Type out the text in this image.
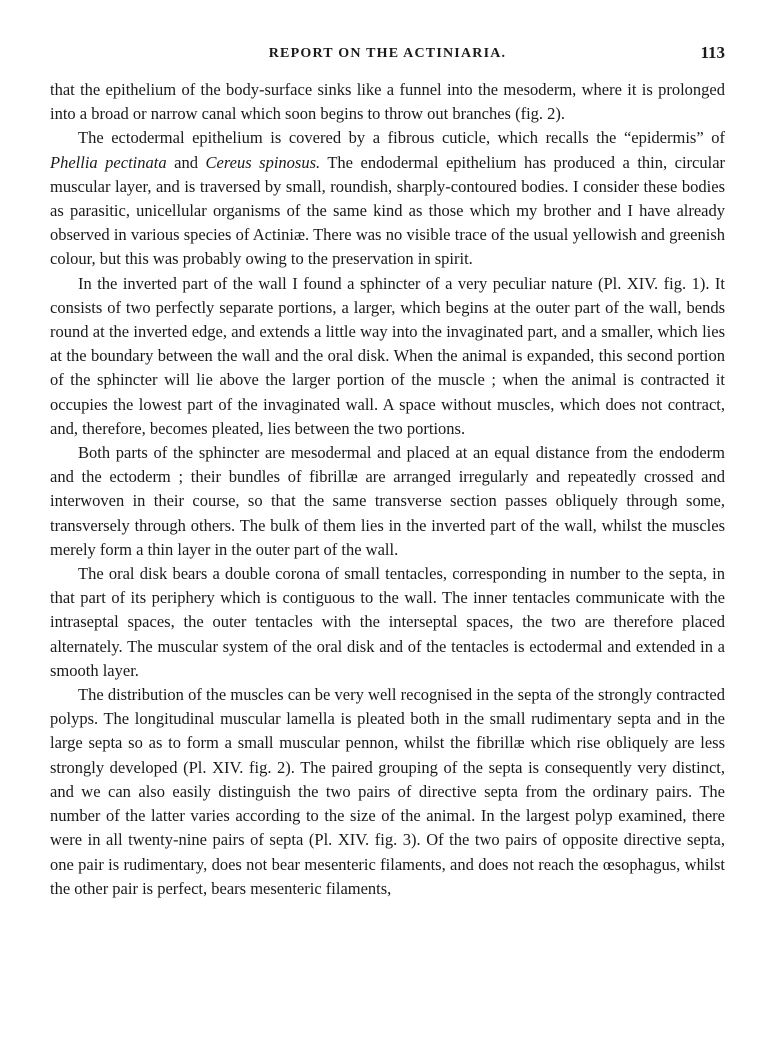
REPORT ON THE ACTINIARIA.	113

that the epithelium of the body-surface sinks like a funnel into the mesoderm, where it is prolonged into a broad or narrow canal which soon begins to throw out branches (fig. 2).

The ectodermal epithelium is covered by a fibrous cuticle, which recalls the “epidermis” of Phellia pectinata and Cereus spinosus. The endodermal epithelium has produced a thin, circular muscular layer, and is traversed by small, roundish, sharply-contoured bodies. I consider these bodies as parasitic, unicellular organisms of the same kind as those which my brother and I have already observed in various species of Actiniæ. There was no visible trace of the usual yellowish and greenish colour, but this was probably owing to the preservation in spirit.

In the inverted part of the wall I found a sphincter of a very peculiar nature (Pl. XIV. fig. 1). It consists of two perfectly separate portions, a larger, which begins at the outer part of the wall, bends round at the inverted edge, and extends a little way into the invaginated part, and a smaller, which lies at the boundary between the wall and the oral disk. When the animal is expanded, this second portion of the sphincter will lie above the larger portion of the muscle ; when the animal is contracted it occupies the lowest part of the invaginated wall. A space without muscles, which does not contract, and, therefore, becomes pleated, lies between the two portions.

Both parts of the sphincter are mesodermal and placed at an equal distance from the endoderm and the ectoderm ; their bundles of fibrillæ are arranged irregularly and repeatedly crossed and interwoven in their course, so that the same transverse section passes obliquely through some, transversely through others. The bulk of them lies in the inverted part of the wall, whilst the muscles merely form a thin layer in the outer part of the wall.

The oral disk bears a double corona of small tentacles, corresponding in number to the septa, in that part of its periphery which is contiguous to the wall. The inner tentacles communicate with the intraseptal spaces, the outer tentacles with the interseptal spaces, the two are therefore placed alternately. The muscular system of the oral disk and of the tentacles is ectodermal and extended in a smooth layer.

The distribution of the muscles can be very well recognised in the septa of the strongly contracted polyps. The longitudinal muscular lamella is pleated both in the small rudimentary septa and in the large septa so as to form a small muscular pennon, whilst the fibrillæ which rise obliquely are less strongly developed (Pl. XIV. fig. 2). The paired grouping of the septa is consequently very distinct, and we can also easily distinguish the two pairs of directive septa from the ordinary pairs. The number of the latter varies according to the size of the animal. In the largest polyp examined, there were in all twenty-nine pairs of septa (Pl. XIV. fig. 3). Of the two pairs of opposite directive septa, one pair is rudimentary, does not bear mesenteric filaments, and does not reach the œsophagus, whilst the other pair is perfect, bears mesenteric filaments,
